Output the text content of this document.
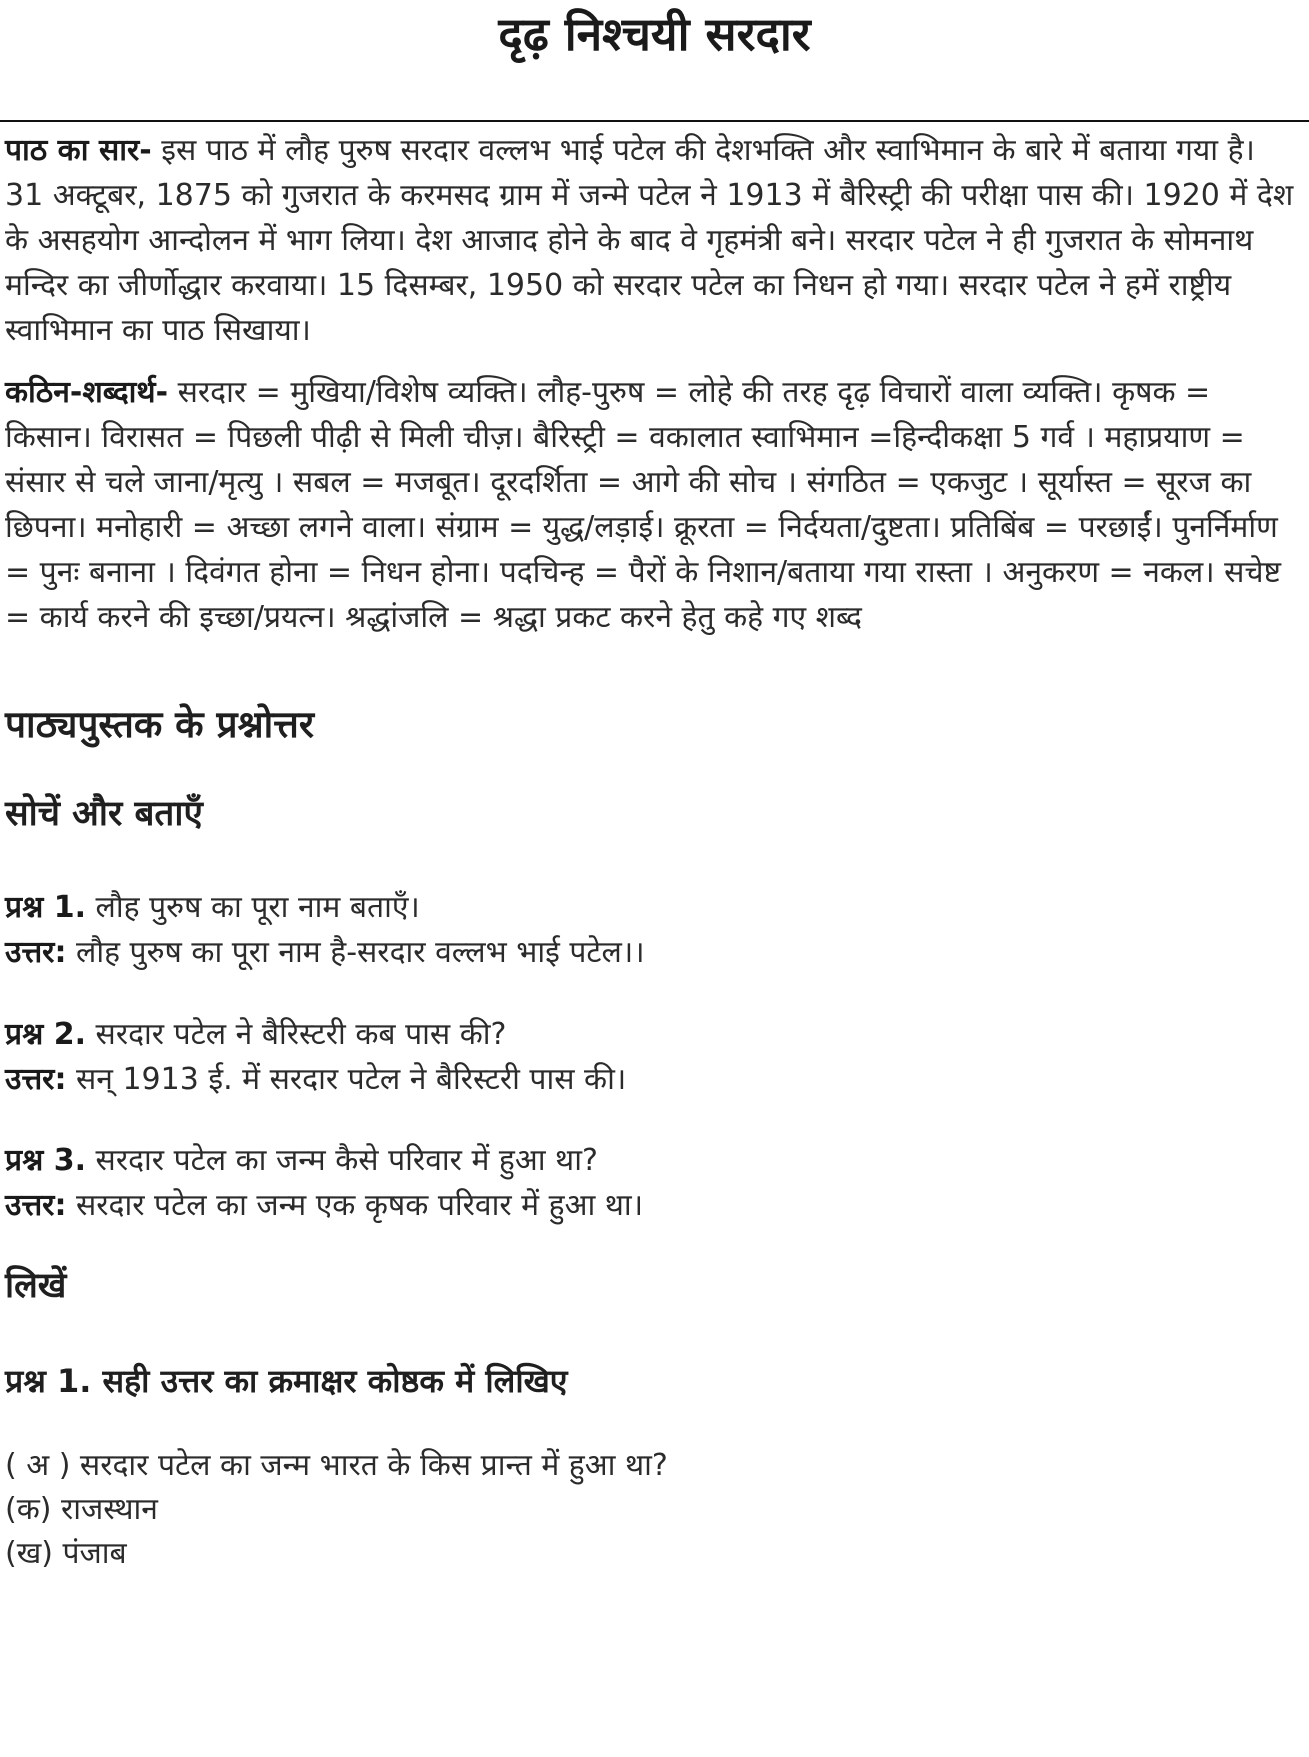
दृढ़ निश्चयी सरदार
पाठ का सार- इस पाठ में लौह पुरुष सरदार वल्लभ भाई पटेल की देशभक्ति और स्वाभिमान के बारे में बताया गया है। 31 अक्टूबर, 1875 को गुजरात के करमसद ग्राम में जन्मे पटेल ने 1913 में बैरिस्ट्री की परीक्षा पास की। 1920 में देश के असहयोग आन्दोलन में भाग लिया। देश आजाद होने के बाद वे गृहमंत्री बने। सरदार पटेल ने ही गुजरात के सोमनाथ मन्दिर का जीर्णोद्धार करवाया। 15 दिसम्बर, 1950 को सरदार पटेल का निधन हो गया। सरदार पटेल ने हमें राष्ट्रीय स्वाभिमान का पाठ सिखाया।
कठिन-शब्दार्थ- सरदार = मुखिया/विशेष व्यक्ति। लौह-पुरुष = लोहे की तरह दृढ़ विचारों वाला व्यक्ति। कृषक = किसान। विरासत = पिछली पीढ़ी से मिली चीज़। बैरिस्ट्री = वकालात स्वाभिमान =हिन्दीकक्षा 5 गर्व । महाप्रयाण = संसार से चले जाना/मृत्यु । सबल = मजबूत। दूरदर्शिता = आगे की सोच । संगठित = एकजुट । सूर्यास्त = सूरज का छिपना। मनोहारी = अच्छा लगने वाला। संग्राम = युद्ध/लड़ाई। क्रूरता = निर्दयता/दुष्टता। प्रतिबिंब = परछाईं। पुनर्निर्माण = पुनः बनाना । दिवंगत होना = निधन होना। पदचिन्ह = पैरों के निशान/बताया गया रास्ता । अनुकरण = नकल। सचेष्ट = कार्य करने की इच्छा/प्रयत्न। श्रद्धांजलि = श्रद्धा प्रकट करने हेतु कहे गए शब्द
पाठ्यपुस्तक के प्रश्नोत्तर
सोचें और बताएँ
प्रश्न 1. लौह पुरुष का पूरा नाम बताएँ।
उत्तर: लौह पुरुष का पूरा नाम है-सरदार वल्लभ भाई पटेल।।
प्रश्न 2. सरदार पटेल ने बैरिस्टरी कब पास की?
उत्तर: सन् 1913 ई. में सरदार पटेल ने बैरिस्टरी पास की।
प्रश्न 3. सरदार पटेल का जन्म कैसे परिवार में हुआ था?
उत्तर: सरदार पटेल का जन्म एक कृषक परिवार में हुआ था।
लिखें
प्रश्न 1. सही उत्तर का क्रमाक्षर कोष्ठक में लिखिए
( अ ) सरदार पटेल का जन्म भारत के किस प्रान्त में हुआ था?
(क) राजस्थान
(ख) पंजाब
